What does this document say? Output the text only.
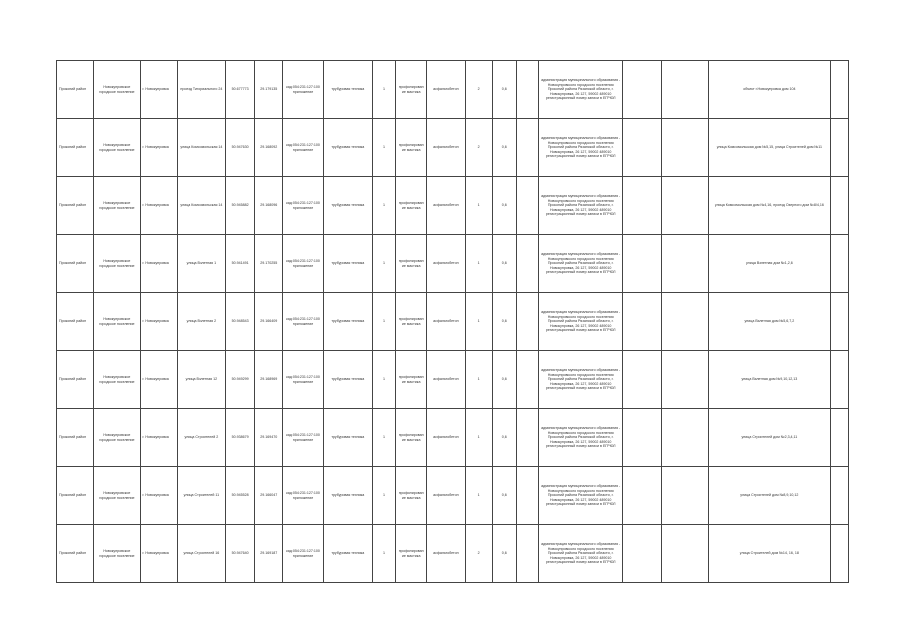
Прокопий район	Новокупровское городское поселение	г. Новокупровка	проезд Тигориального 24	50.677773	29.179135	кад:054:231:127:100 приложение	трубуровая техника	1	профилирование мастика	асфальтобетон	2	0,6		администрация муниципального образования - Новокупровского городского поселения Прокопий района Рязанской области, г. Новокупровка, 26 127, 59002 489010 регистрационный номер записи в ЕГРЮЛ			объект г.Новокупровка дом 104	
Прокопий район	Новокупровское городское поселение	г. Новокупровка	улица Комсомольская 14	50.947630	29.168092	кад:054:231:127:100 приложение	трубуровая техника	1	профилирование мастика	асфальтобетон	2	0,6		администрация муниципального образования - Новокупровского городского поселения Прокопий района Рязанской области, г. Новокупровка, 26 127, 59002 489010 регистрационный номер записи в ЕГРЮЛ			улица Комсомольская дом №5,15, улица Строителей дом №11	
Прокопий район	Новокупровское городское поселение	г. Новокупровка	улица Комсомольская 14	50.945882	29.168096	кад:054:231:127:100 приложение	трубуровая техника	1	профилирование мастика	асфальтобетон	1	0,6		администрация муниципального образования - Новокупровского городского поселения Прокопий района Рязанской области, г. Новокупровка, 26 127, 59002 489010 регистрационный номер записи в ЕГРЮЛ			улица Комсомольская дом №4,16, проезд Озерного дом №8/4,16	
Прокопий район	Новокупровское городское поселение	г. Новокупровка	улица Взлетная 1	50.941491	29.170255	кад:054:231:127:100 приложение	трубуровая техника	1	профилирование мастика	асфальтобетон	1	0,6		администрация муниципального образования - Новокупровского городского поселения Прокопий района Рязанской области, г. Новокупровка, 26 127, 59002 489010 регистрационный номер записи в ЕГРЮЛ			улица Взлетная дом №1,2,6	
Прокопий район	Новокупровское городское поселение	г. Новокупровка	улица Взлетная 2	50.948543	29.166409	кад:054:231:127:100 приложение	трубуровая техника	1	профилирование мастика	асфальтобетон	1	0,6		администрация муниципального образования - Новокупровского городского поселения Прокопий района Рязанской области, г. Новокупровка, 26 127, 59002 489010 регистрационный номер записи в ЕГРЮЛ			улица Взлетная дом №5,6,7,2	
Прокопий район	Новокупровское городское поселение	г. Новокупровка	улица Взлетная 12	50.949299	29.168969	кад:054:231:127:100 приложение	трубуровая техника	1	профилирование мастика	асфальтобетон	1	0,6		администрация муниципального образования - Новокупровского городского поселения Прокопий района Рязанской области, г. Новокупровка, 26 127, 59002 489010 регистрационный номер записи в ЕГРЮЛ			улица Взлетная дом №9,10,12,13	
Прокопий район	Новокупровское городское поселение	г. Новокупровка	улица Строителей 2	50.938679	29.169470	кад:054:231:127:100 приложение	трубуровая техника	1	профилирование мастика	асфальтобетон	1	0,6		администрация муниципального образования - Новокупровского городского поселения Прокопий района Рязанской области, г. Новокупровка, 26 127, 59002 489010 регистрационный номер записи в ЕГРЮЛ			улица Строителей дом №2,3,4,11	
Прокопий район	Новокупровское городское поселение	г. Новокупровка	улица Строителей 11	50.945528	29.166047	кад:054:231:127:100 приложение	трубуровая техника	1	профилирование мастика	асфальтобетон	1	0,6		администрация муниципального образования - Новокупровского городского поселения Прокопий района Рязанской области, г. Новокупровка, 26 127, 59002 489010 регистрационный номер записи в ЕГРЮЛ			улица Строителей дом №8,9,10,12	
Прокопий район	Новокупровское городское поселение	г. Новокупровка	улица Строителей 16	50.947640	29.169187	кад:054:231:127:100 приложение	трубуровая техника	1	профилирование мастика	асфальтобетон	2	0,6		администрация муниципального образования - Новокупровского городского поселения Прокопий района Рязанской области, г. Новокупровка, 26 127, 59002 489010 регистрационный номер записи в ЕГРЮЛ			улица Строителей дом №14, 16, 18	
